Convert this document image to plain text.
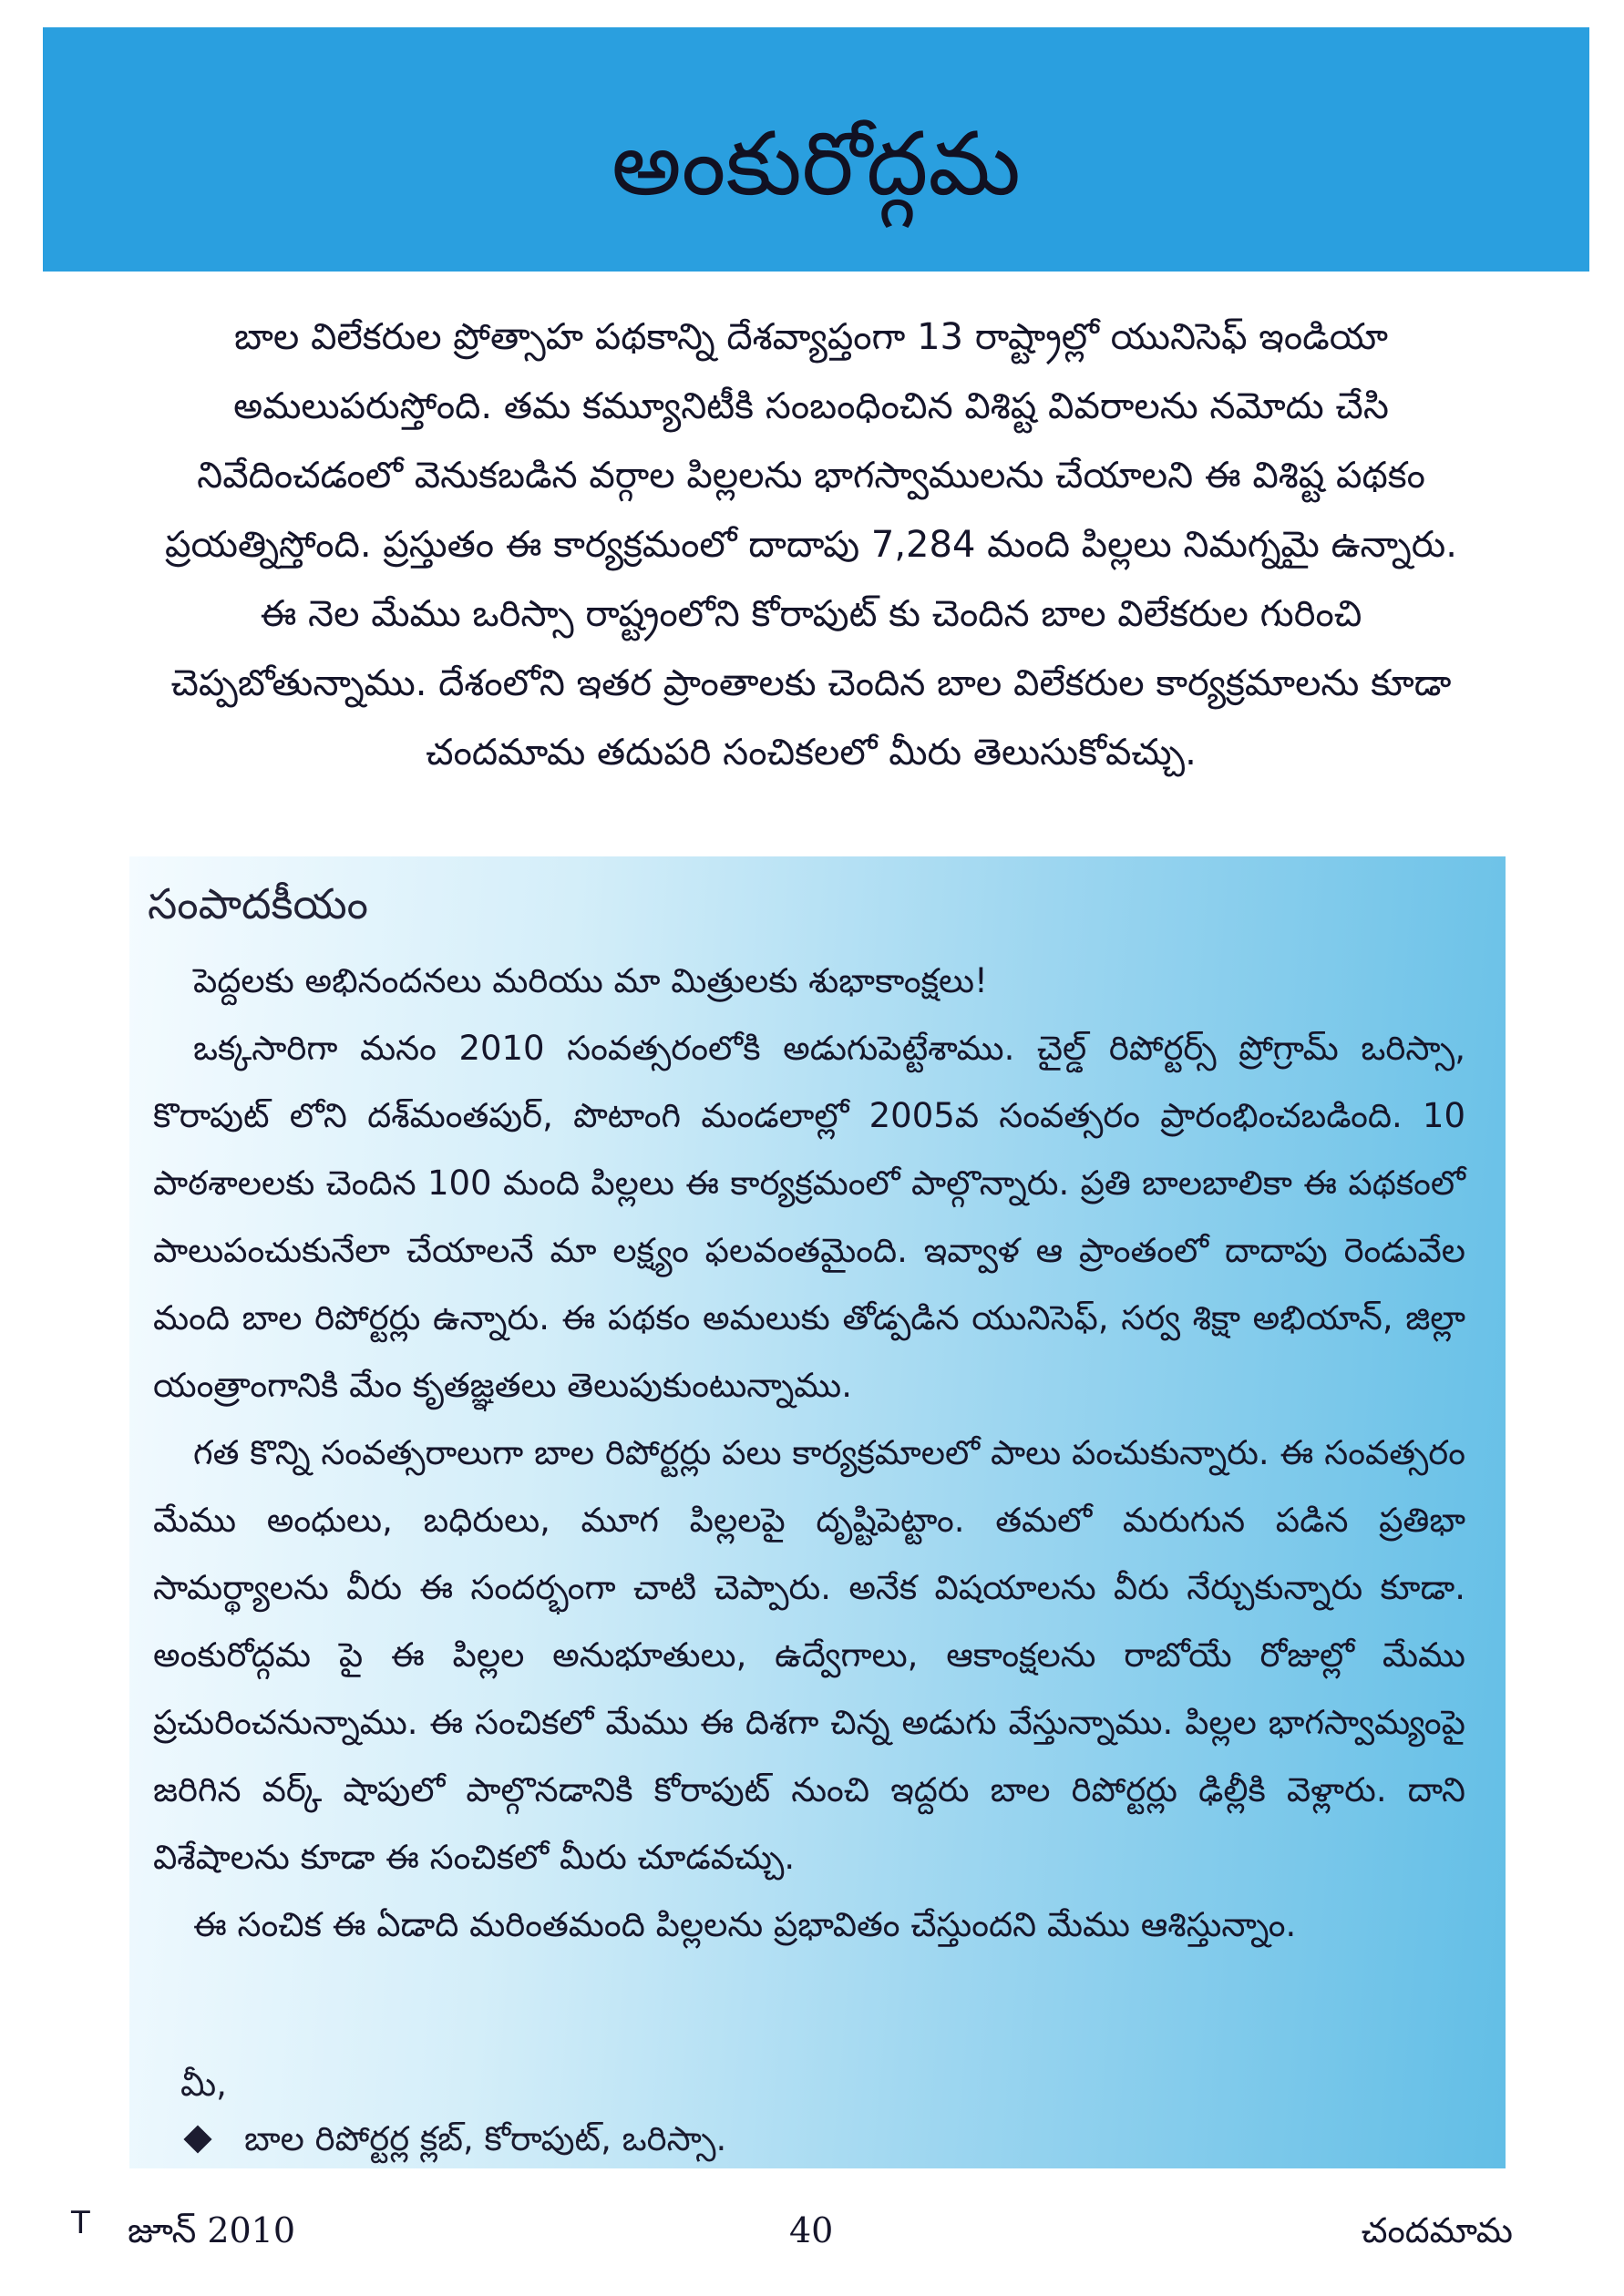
అంకురోద్గమ
బాల విలేకరుల ప్రోత్సాహ పథకాన్ని దేశవ్యాప్తంగా 13 రాష్ట్రాల్లో యునిసెఫ్ ఇండియా అమలుపరుస్తోంది. తమ కమ్యూనిటీకి సంబంధించిన విశిష్ట వివరాలను నమోదు చేసి నివేదించడంలో వెనుకబడిన వర్గాల పిల్లలను భాగస్వాములను చేయాలని ఈ విశిష్ట పథకం ప్రయత్నిస్తోంది. ప్రస్తుతం ఈ కార్యక్రమంలో దాదాపు 7,284 మంది పిల్లలు నిమగ్నమై ఉన్నారు. ఈ నెల మేము ఒరిస్సా రాష్ట్రంలోని కోరాపుట్ కు చెందిన బాల విలేకరుల గురించి చెప్పబోతున్నాము. దేశంలోని ఇతర ప్రాంతాలకు చెందిన బాల విలేకరుల కార్యక్రమాలను కూడా చందమామ తదుపరి సంచికలలో మీరు తెలుసుకోవచ్చు.
సంపాదకీయం

పెద్దలకు అభినందనలు మరియు మా మిత్రులకు శుభాకాంక్షలు!

ఒక్కసారిగా మనం 2010 సంవత్సరంలోకి అడుగుపెట్టేశాము. చైల్డ్ రిపోర్టర్స్ ప్రోగ్రామ్ ఒరిస్సా, కొరాపుట్ లోని దశ్‌మంతపుర్, పొటాంగి మండలాల్లో 2005వ సంవత్సరం ప్రారంభించబడింది. 10 పాఠశాలలకు చెందిన 100 మంది పిల్లలు ఈ కార్యక్రమంలో పాల్గొన్నారు. ప్రతి బాలబాలికా ఈ పథకంలో పాలుపంచుకునేలా చేయాలనే మా లక్ష్యం ఫలవంతమైంది. ఇవ్వాళ ఆ ప్రాంతంలో దాదాపు రెండువేల మంది బాల రిపోర్టర్లు ఉన్నారు. ఈ పథకం అమలుకు తోడ్పడిన యునిసెఫ్, సర్వ శిక్షా అభియాన్, జిల్లా యంత్రాంగానికి మేం కృతజ్ఞతలు తెలుపుకుంటున్నాము.

గత కొన్ని సంవత్సరాలుగా బాల రిపోర్టర్లు పలు కార్యక్రమాలలో పాలు పంచుకున్నారు. ఈ సంవత్సరం మేము అంధులు, బధిరులు, మూగ పిల్లలపై దృష్టిపెట్టాం. తమలో మరుగున పడిన ప్రతిభా సామర్థ్యాలను వీరు ఈ సందర్భంగా చాటి చెప్పారు. అనేక విషయాలను వీరు నేర్చుకున్నారు కూడా. అంకురోద్గమ పై ఈ పిల్లల అనుభూతులు, ఉద్వేగాలు, ఆకాంక్షలను రాబోయే రోజుల్లో మేము ప్రచురించనున్నాము. ఈ సంచికలో మేము ఈ దిశగా చిన్న అడుగు వేస్తున్నాము. పిల్లల భాగస్వామ్యంపై జరిగిన వర్క్ షాపులో పాల్గొనడానికి కోరాపుట్ నుంచి ఇద్దరు బాల రిపోర్టర్లు ఢిల్లీకి వెళ్లారు. దాని విశేషాలను కూడా ఈ సంచికలో మీరు చూడవచ్చు.

ఈ సంచిక ఈ ఏడాది మరింతమంది పిల్లలను ప్రభావితం చేస్తుందని మేము ఆశిస్తున్నాం.

మీ,
బాల రిపోర్టర్ల క్లబ్, కోరాపుట్, ఒరిస్సా.
T జూన్ 2010	40	చందమామ
